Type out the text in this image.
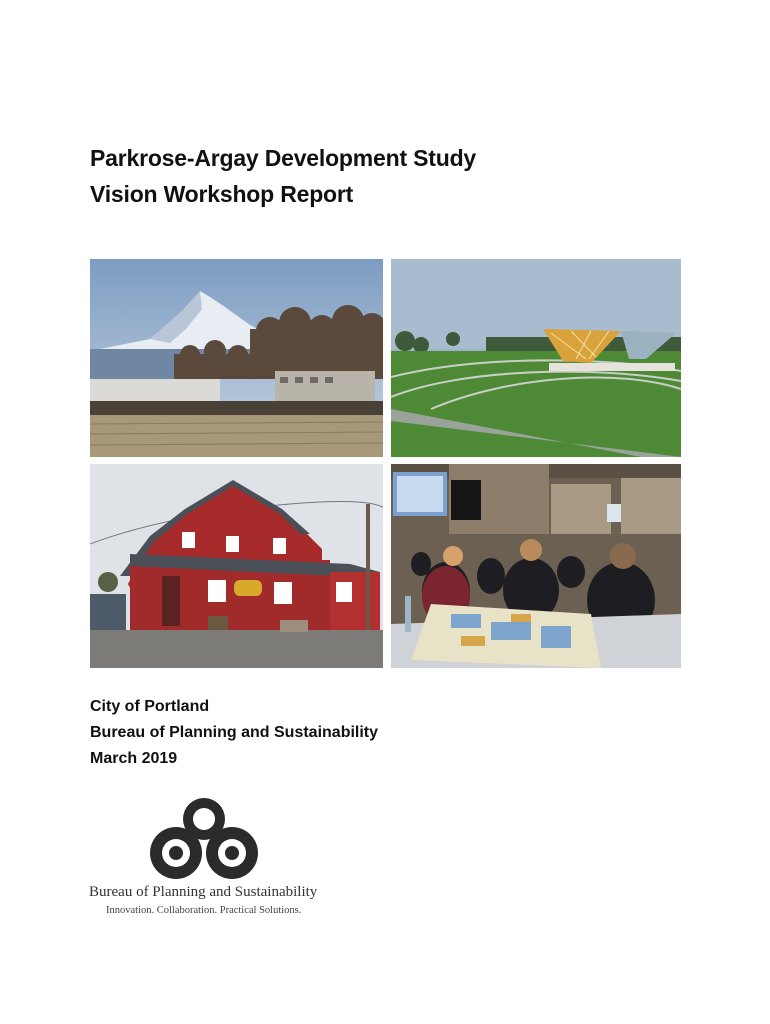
Parkrose-Argay Development Study
Vision Workshop Report
City of Portland
Bureau of Planning and Sustainability
March 2019
Bureau of Planning and Sustainability
Innovation. Collaboration. Practical Solutions.
